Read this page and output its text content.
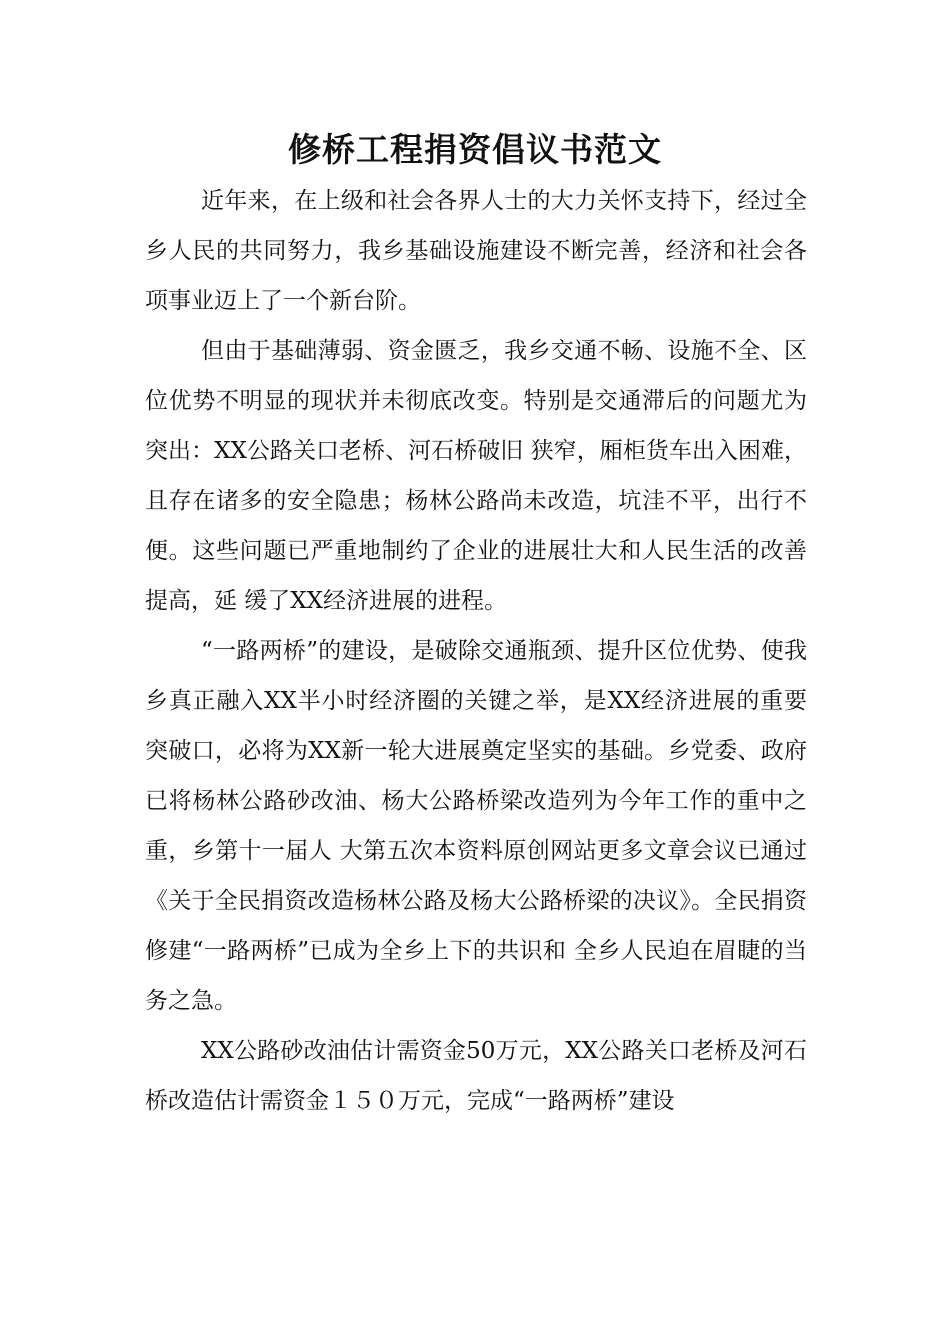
修桥工程捐资倡议书范文

近年来，在上级和社会各界人士的大力关怀支持下，经过全乡人民的共同努力，我乡基础设施建设不断完善，经济和社会各项事业迈上了一个新台阶。

但由于基础薄弱、资金匮乏，我乡交通不畅、设施不全、区位优势不明显的现状并未彻底改变。特别是交通滞后的问题尤为突出：XX公路关口老桥、河石桥破旧 狭窄，厢柜货车出入困难，且存在诸多的安全隐患；杨林公路尚未改造，坑洼不平，出行不便。这些问题已严重地制约了企业的进展壮大和人民生活的改善提高，延 缓了XX经济进展的进程。

“一路两桥”的建设，是破除交通瓶颈、提升区位优势、使我乡真正融入XX半小时经济圈的关键之举，是XX经济进展的重要突破口，必将为XX新一轮大进展奠定坚实的基础。乡党委、政府已将杨林公路砂改油、杨大公路桥梁改造列为今年工作的重中之重，乡第十一届人 大第五次本资料原创网站更多文章会议已通过《关于全民捐资改造杨林公路及杨大公路桥梁的决议》。全民捐资修建“一路两桥”已成为全乡上下的共识和 全乡人民迫在眉睫的当务之急。

XX公路砂改油估计需资金50万元，XX公路关口老桥及河石桥改造估计需资金１５０万元，完成“一路两桥”建设
